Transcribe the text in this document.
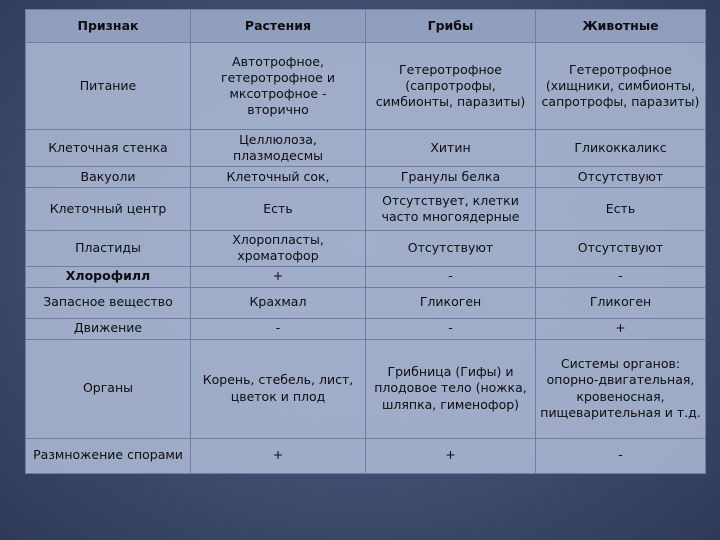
Признак	Растения	Грибы	Животные
Питание	Автотрофное,
гетеротрофное и
мксотрофное -
вторично	Гетеротрофное
(сапротрофы,
симбионты, паразиты)	Гетеротрофное
(хищники, симбионты,
сапротрофы, паразиты)
Клеточная стенка	Целлюлоза,
плазмодесмы	Хитин	Гликоккаликс
Вакуоли	Клеточный сок,	Гранулы белка	Отсутствуют
Клеточный центр	Есть	Отсутствует, клетки
часто многоядерные	Есть
Пластиды	Хлоропласты,
хроматофор	Отсутствуют	Отсутствуют
Хлорофилл	+	-	-
Запасное вещество	Крахмал	Гликоген	Гликоген
Движение	-	-	+
Органы	Корень, стебель, лист,
цветок и плод	Грибница (Гифы) и
плодовое тело (ножка,
шляпка, гименофор)	Системы органов:
опорно-двигательная,
кровеносная,
пищеварительная и т.д.
Размножение спорами	+	+	-
